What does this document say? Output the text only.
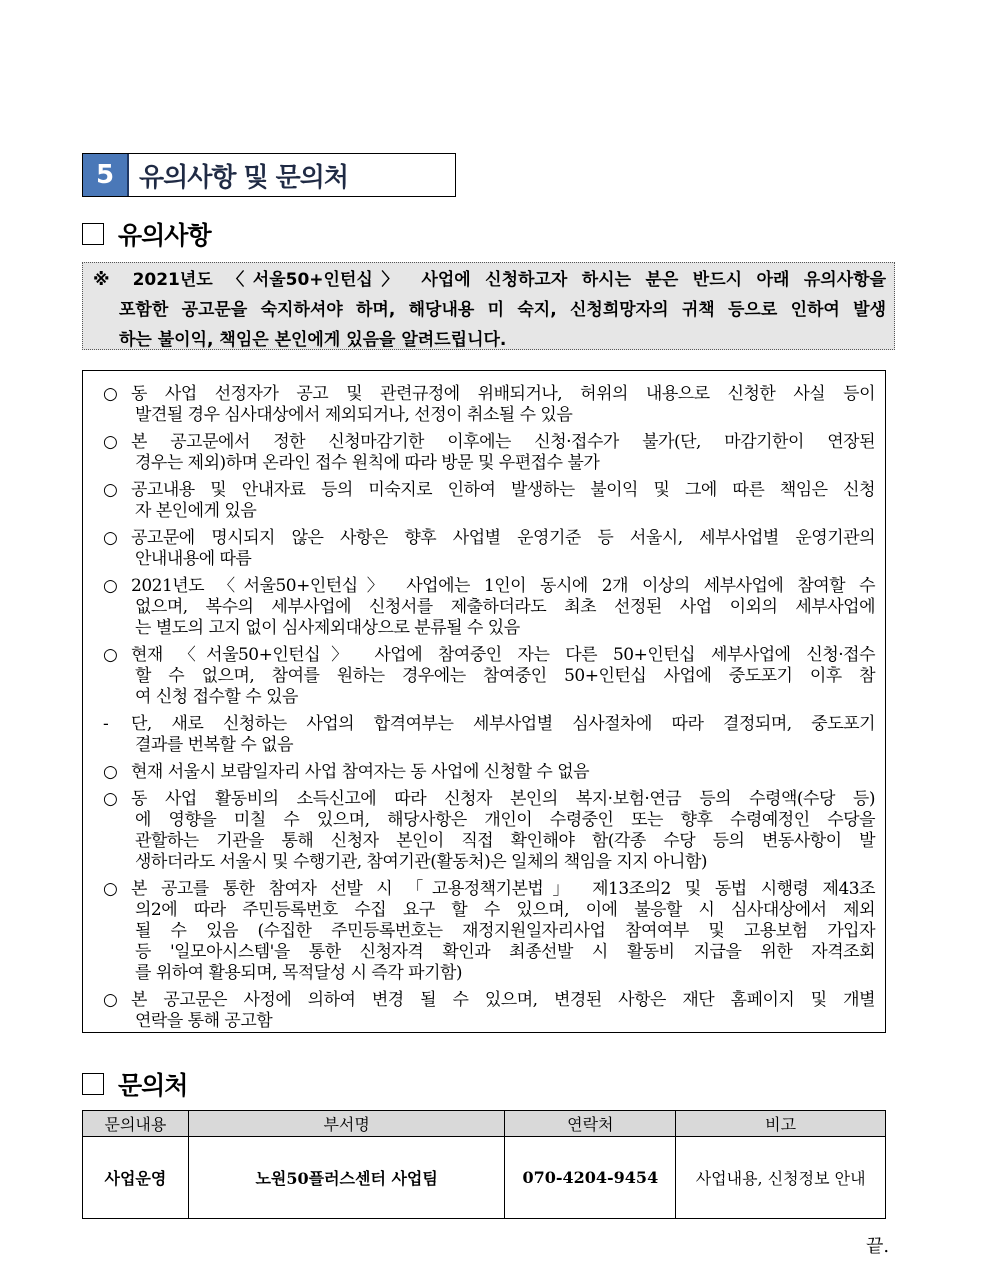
5 유의사항 및 문의처
유의사항
※ 2021년도 〈서울50+인턴십〉 사업에 신청하고자 하시는 분은 반드시 아래 유의사항을
포함한 공고문을 숙지하셔야 하며, 해당내용 미 숙지, 신청희망자의 귀책 등으로 인하여 발생
하는 불이익, 책임은 본인에게 있음을 알려드립니다.
○ 동 사업 선정자가 공고 및 관련규정에 위배되거나, 허위의 내용으로 신청한 사실 등이
발견될 경우 심사대상에서 제외되거나, 선정이 취소될 수 있음
○ 본 공고문에서 정한 신청마감기한 이후에는 신청·접수가 불가(단, 마감기한이 연장된
경우는 제외)하며 온라인 접수 원칙에 따라 방문 및 우편접수 불가
○ 공고내용 및 안내자료 등의 미숙지로 인하여 발생하는 불이익 및 그에 따른 책임은 신청
자 본인에게 있음
○ 공고문에 명시되지 않은 사항은 향후 사업별 운영기준 등 서울시, 세부사업별 운영기관의
안내내용에 따름
○ 2021년도 〈서울50+인턴십〉 사업에는 1인이 동시에 2개 이상의 세부사업에 참여할 수
없으며, 복수의 세부사업에 신청서를 제출하더라도 최초 선정된 사업 이외의 세부사업에
는 별도의 고지 없이 심사제외대상으로 분류될 수 있음
○ 현재 〈서울50+인턴십〉 사업에 참여중인 자는 다른 50+인턴십 세부사업에 신청·접수
할 수 없으며, 참여를 원하는 경우에는 참여중인 50+인턴십 사업에 중도포기 이후 참
여 신청 접수할 수 있음
- 단, 새로 신청하는 사업의 합격여부는 세부사업별 심사절차에 따라 결정되며, 중도포기
결과를 번복할 수 없음
○ 현재 서울시 보람일자리 사업 참여자는 동 사업에 신청할 수 없음
○ 동 사업 활동비의 소득신고에 따라 신청자 본인의 복지·보험·연금 등의 수령액(수당 등)
에 영향을 미칠 수 있으며, 해당사항은 개인이 수령중인 또는 향후 수령예정인 수당을
관할하는 기관을 통해 신청자 본인이 직접 확인해야 함(각종 수당 등의 변동사항이 발
생하더라도 서울시 및 수행기관, 참여기관(활동처)은 일체의 책임을 지지 아니함)
○ 본 공고를 통한 참여자 선발 시 「고용정책기본법」 제13조의2 및 동법 시행령 제43조
의2에 따라 주민등록번호 수집 요구 할 수 있으며, 이에 불응할 시 심사대상에서 제외
될 수 있음 (수집한 주민등록번호는 재정지원일자리사업 참여여부 및 고용보험 가입자
등 '일모아시스템'을 통한 신청자격 확인과 최종선발 시 활동비 지급을 위한 자격조회
를 위하여 활용되며, 목적달성 시 즉각 파기함)
○ 본 공고문은 사정에 의하여 변경 될 수 있으며, 변경된 사항은 재단 홈페이지 및 개별
연락을 통해 공고함
문의처
문의내용	부서명	연락처	비고
사업운영	노원50플러스센터 사업팀	070-4204-9454	사업내용, 신청정보 안내
끝.
